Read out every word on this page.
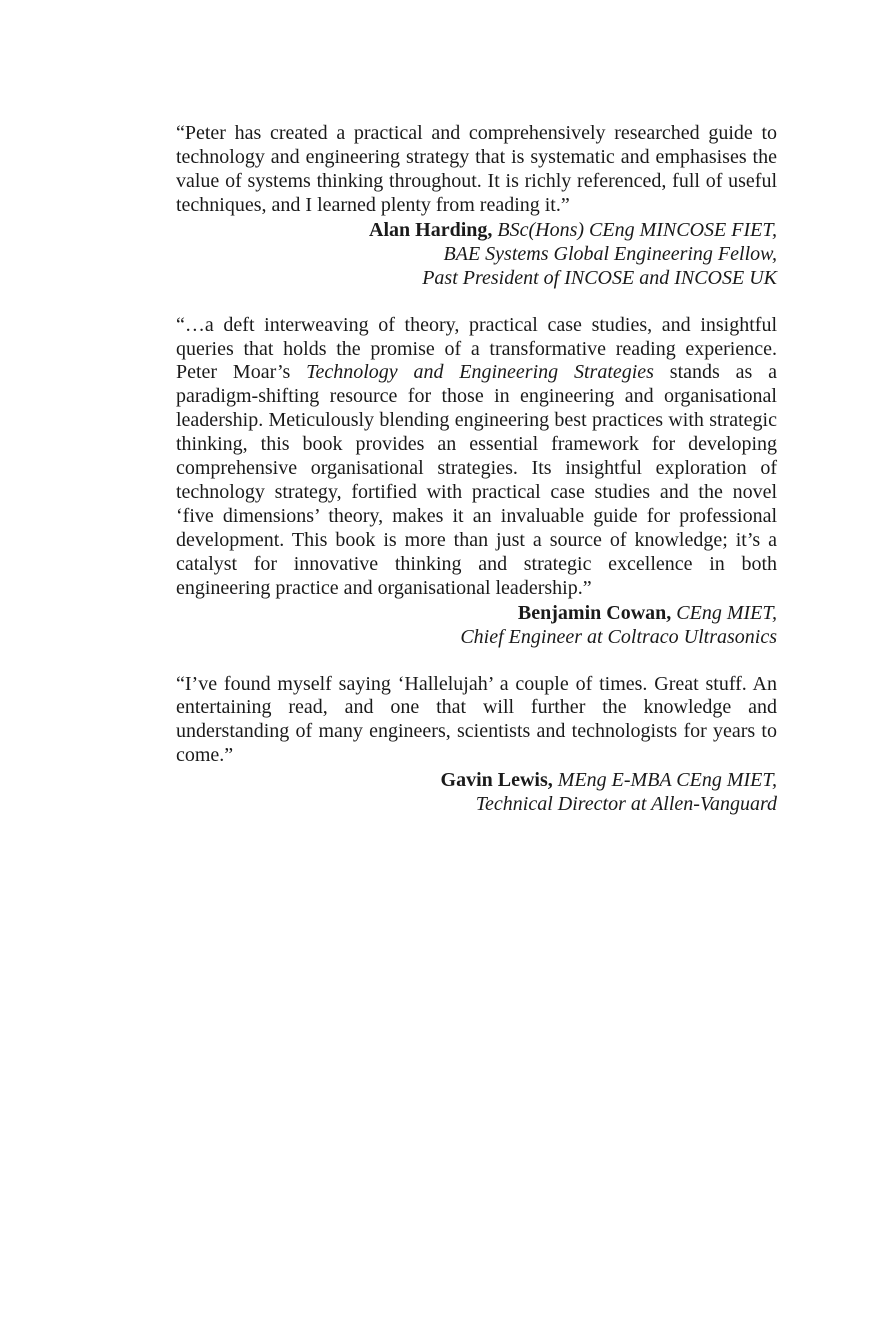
“Peter has created a practical and comprehensively researched guide to technology and engineering strategy that is systematic and emphasises the value of systems thinking throughout. It is richly referenced, full of useful techniques, and I learned plenty from reading it.”

Alan Harding, BSc(Hons) CEng MINCOSE FIET,
BAE Systems Global Engineering Fellow,
Past President of INCOSE and INCOSE UK

“…a deft interweaving of theory, practical case studies, and insightful queries that holds the promise of a transformative reading experience. Peter Moar’s Technology and Engineering Strategies stands as a paradigm-shifting resource for those in engineering and organisational leadership. Meticulously blending engineering best practices with strategic thinking, this book provides an essential framework for developing comprehensive organisational strategies. Its insightful exploration of technology strategy, fortified with practical case studies and the novel ‘five dimensions’ theory, makes it an invaluable guide for professional development. This book is more than just a source of knowledge; it’s a catalyst for innovative thinking and strategic excellence in both engineering practice and organisational leadership.”

Benjamin Cowan, CEng MIET,
Chief Engineer at Coltraco Ultrasonics

“I’ve found myself saying ‘Hallelujah’ a couple of times. Great stuff. An entertaining read, and one that will further the knowledge and understanding of many engineers, scientists and technologists for years to come.”

Gavin Lewis, MEng E-MBA CEng MIET,
Technical Director at Allen-Vanguard
